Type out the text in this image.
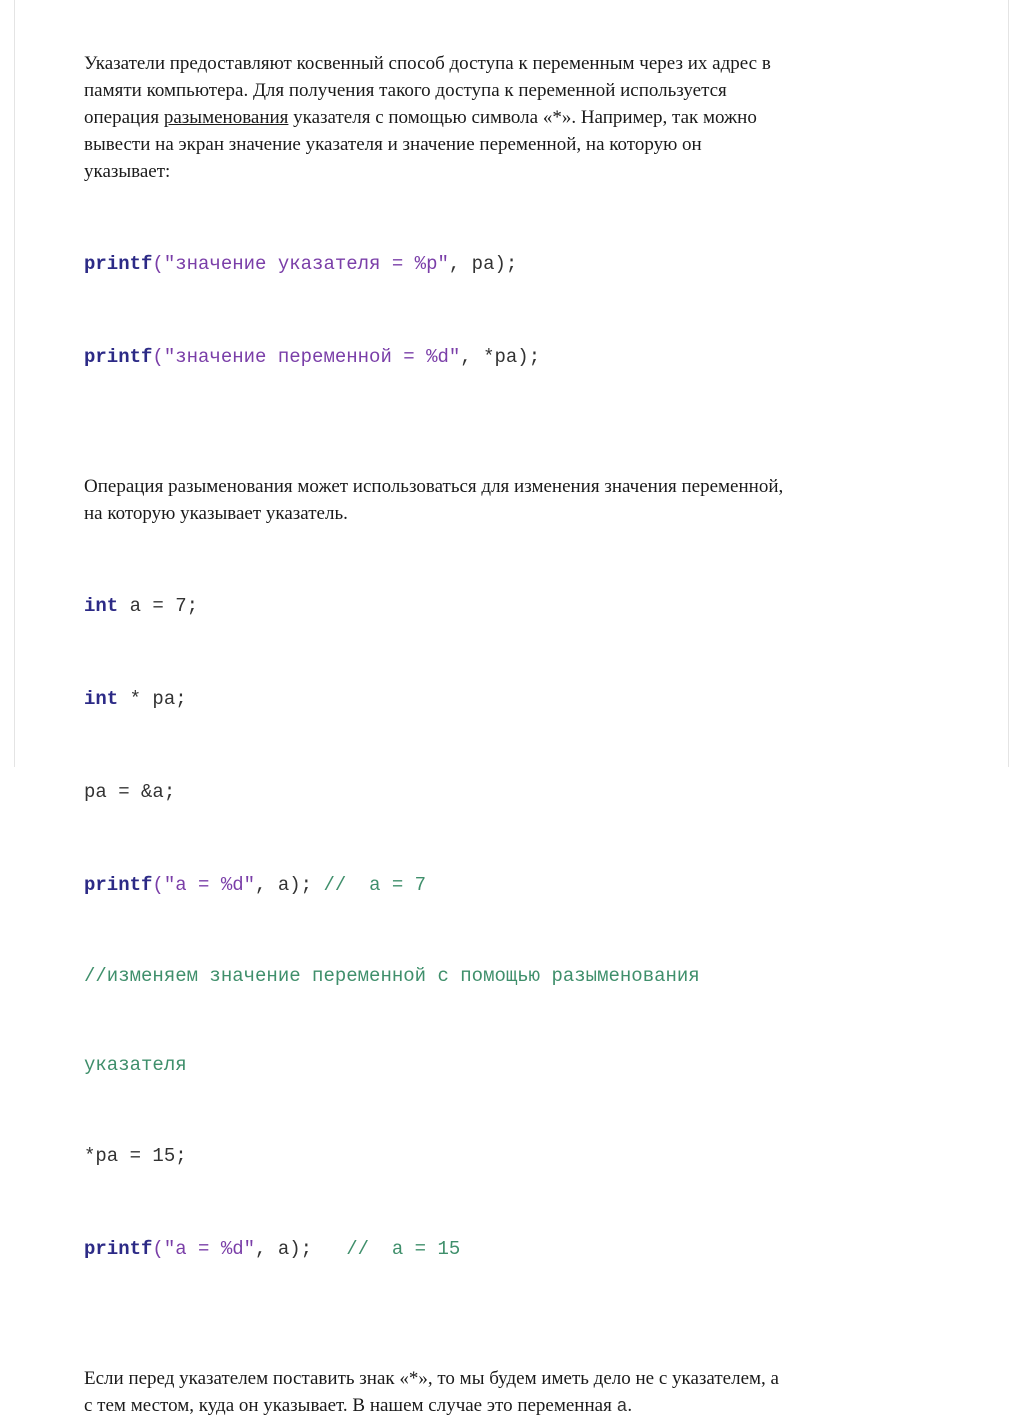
Указатели предоставляют косвенный способ доступа к переменным через их адрес в
памяти компьютера. Для получения такого доступа к переменной используется
операция разыменования указателя с помощью символа «*». Например, так можно
вывести на экран значение указателя и значение переменной, на которую он
указывает:

printf("значение указателя = %p", pa);

printf("значение переменной = %d", *pa);

Операция разыменования может использоваться для изменения значения переменной,
на которую указывает указатель.

int a = 7;

int * pa;

pa = &a;

printf("a = %d", a); //  a = 7

//изменяем значение переменной с помощью разыменования

указателя

*pa = 15;

printf("a = %d", a);   //  a = 15

Если перед указателем поставить знак «*», то мы будем иметь дело не с указателем, а
с тем местом, куда он указывает. В нашем случае это переменная a.
